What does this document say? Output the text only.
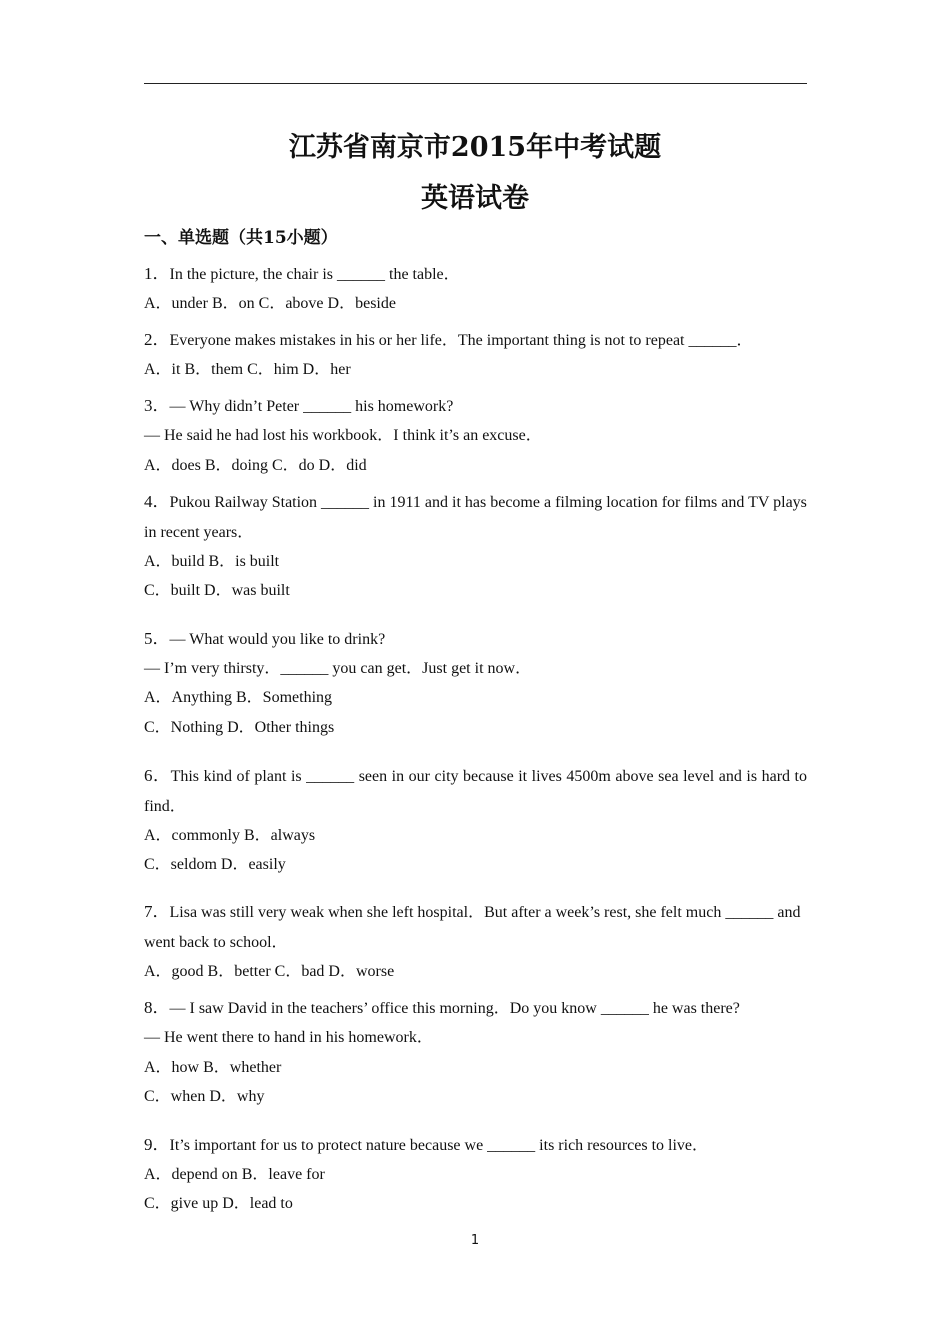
江苏省南京市2015年中考试题
英语试卷
一、单选题（共15小题）
1．In the picture, the chair is ______ the table．
A．under B．on C．above D．beside
2．Everyone makes mistakes in his or her life．The important thing is not to repeat ______．
A．it B．them C．him D．her
3．— Why didn’t Peter ______ his homework?
— He said he had lost his workbook．I think it’s an excuse．
A．does B．doing C．do D．did
4．Pukou Railway Station ______ in 1911 and it has become a filming location for films and TV plays in recent years．
A．build B．is built
C．built D．was built
5．— What would you like to drink?
— I’m very thirsty．______ you can get．Just get it now．
A．Anything B．Something
C．Nothing D．Other things
6．This kind of plant is ______ seen in our city because it lives 4500m above sea level and is hard to find．
A．commonly B．always
C．seldom D．easily
7．Lisa was still very weak when she left hospital．But after a week’s rest, she felt much ______ and went back to school．
A．good B．better C．bad D．worse
8．— I saw David in the teachers’ office this morning．Do you know ______ he was there?
— He went there to hand in his homework．
A．how B．whether
C．when D．why
9．It’s important for us to protect nature because we ______ its rich resources to live．
A．depend on B．leave for
C．give up D．lead to
1
